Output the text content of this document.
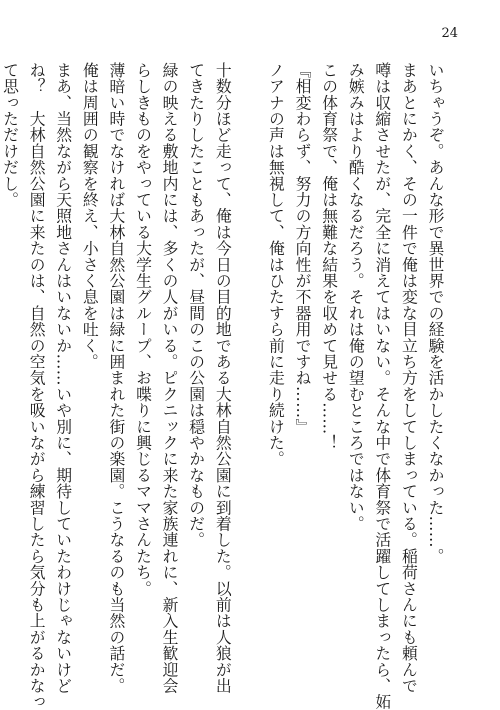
24
いちゃうぞ。あんな形で異世界での経験を活かしたくなかった……。
まあとにかく、その一件で俺は変な目立ち方をしてしまっている。稲荷さんにも頼んで
噂は収縮させたが、完全に消えてはいない。そんな中で体育祭で活躍してしまったら、妬
み嫉みはより酷くなるだろう。それは俺の望むところではない。
この体育祭で、俺は無難な結果を収めて見せる……！
『相変わらず、努力の方向性が不器用ですね……』
ノアナの声は無視して、俺はひたすら前に走り続けた。
十数分ほど走って、俺は今日の目的地である大林自然公園に到着した。以前は人狼が出
てきたりしたこともあったが、昼間のこの公園は穏やかなものだ。
緑の映える敷地内には、多くの人がいる。ピクニックに来た家族連れに、新入生歓迎会
らしきものをやっている大学生グループ、お喋りに興じるママさんたち。
薄暗い時でなければ大林自然公園は緑に囲まれた街の楽園。こうなるのも当然の話だ。
俺は周囲の観察を終え、小さく息を吐く。
まあ、当然ながら天照地さんはいないか……いや別に、期待していたわけじゃないけど
ね？　大林自然公園に来たのは、自然の空気を吸いながら練習したら気分も上がるかなっ
て思っただけだし。
